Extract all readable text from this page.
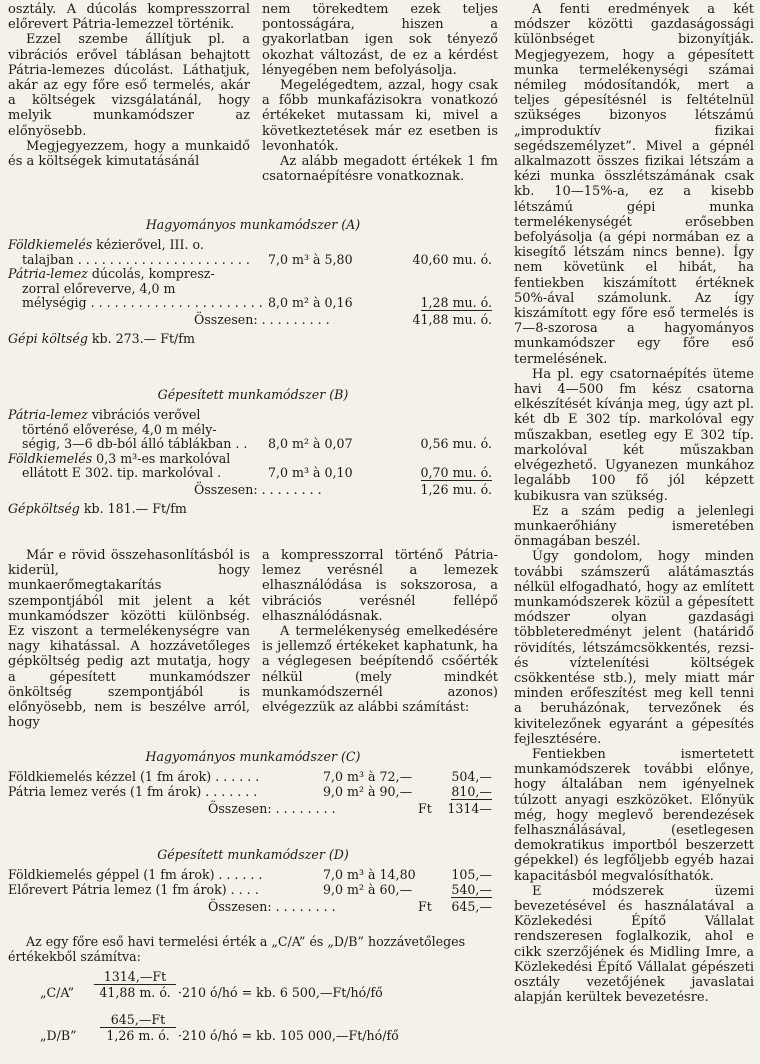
osztály. A dúcolás kompresszorral előrevert Pátria-lemezzel történik.

Ezzel szembe állítjuk pl. a vibrációs erővel táblásan behajtott Pátria-lemezes dúcolást. Láthatjuk, akár az egy főre eső termelés, akár a költségek vizsgálatánál, hogy melyik munkamódszer az előnyösebb.

Megjegyezzem, hogy a munkaidő és a költségek kimutatásánál

nem törekedtem ezek teljes pontosságára, hiszen a gyakorlatban igen sok tényező okozhat változást, de ez a kérdést lényegében nem befolyásolja.

Megelégedtem, azzal, hogy csak a főbb munkafázisokra vonatkozó értékeket mutassam ki, mivel a következtetések már ez esetben is levonhatók.

Az alább megadott értékek 1 fm csatornaépítésre vonatkoznak.

A fenti eredmények a két módszer közötti gazdaságossági különbséget bizonyítják. Megjegyezem, hogy a gépesített munka termelékenységi számai némileg módosítandók, mert a teljes gépesítésnél is feltételnül szükséges bizonyos létszámú „improduktív fizikai segédszemélyzet”. Mivel a gépnél alkalmazott összes fizikai létszám a kézi munka összlétszámának csak kb. 10—15%-a, ez a kisebb létszámú gépi munka termelékenységét erősebben befolyásolja (a gépi normában ez a kisegítő létszám nincs benne). Így nem követünk el hibát, ha fentiekben kiszámított értéknek 50%-ával számolunk. Az így kiszámított egy főre eső termelés is 7—8-szorosa a hagyományos munkamódszer egy főre eső termelésének.

Ha pl. egy csatornaépítés üteme havi 4—500 fm kész csatorna elkészítését kívánja meg, úgy azt pl. két db E 302 típ. markolóval egy műszakban, esetleg egy E 302 típ. markolóval két műszakban elvégezhető. Ugyanezen munkához legalább 100 fő jól képzett kubikusra van szükség.

Ez a szám pedig a jelenlegi munkaerőhiány ismeretében önmagában beszél.

Úgy gondolom, hogy minden további számszerű alátámasztás nélkül elfogadható, hogy az említett munkamódszerek közül a gépesített módszer olyan gazdasági többleteredményt jelent (határidő rövidítés, létszámcsökkentés, rezsi- és víztelenítési költségek csökkentése stb.), mely miatt már minden erőfeszítést meg kell tenni a beruházónak, tervezőnek és kivitelezőnek egyaránt a gépesítés fejlesztésére.

Fentiekben ismertetett munkamódszerek további előnye, hogy általában nem igényelnek túlzott anyagi eszközöket. Előnyük még, hogy meglevő berendezések felhasználásával, (esetlegesen demokratikus importból beszerzett gépekkel) és legfőljebb egyéb hazai kapacitásból megvalósíthatók.

E módszerek üzemi bevezetésével és használatával a Közlekedési Építő Vállalat rendszeresen foglalkozik, ahol e cikk szerzőjének és Midling Imre, a Közlekedési Építő Vállalat gépészeti osztály vezetőjének javaslatai alapján kerültek bevezetésre.

Hagyományos munkamódszer (A)
Földkiemelés kézierővel, III. o.
talajban . . . . . . . . . . . . . . . . . . . . . . 7,0 m³ à 5,80	40,60 mu. ó.
Pátria-lemez dúcolás, kompresz-
zorral előreverve, 4,0 m
mélységig . . . . . . . . . . . . . . . . . . . . . . 8,0 m² à 0,16	1,28 mu. ó.
Összesen: . . . . . . . . .	41,88 mu. ó.
Gépi költség kb. 273.— Ft/fm
Gépesített munkamódszer (B)
Pátria-lemez vibrációs verővel
történő előverése, 4,0 m mély-
ségig, 3—6 db-ból álló táblákban . . 8,0 m² à 0,07	0,56 mu. ó.
Földkiemelés 0,3 m³-es markolóval
ellátott E 302. tip. markolóval .	7,0 m³ à 0,10	0,70 mu. ó.
Összesen: . . . . . . . .	1,26 mu. ó.
Gépköltség kb. 181.— Ft/fm

Már e rövid összehasonlításból is kiderül, hogy munkaerőmegtakarítás szempontjából mit jelent a két munkamódszer közötti különbség. Ez viszont a termelékenységre van nagy kihatással. A hozzávetőleges gépköltség pedig azt mutatja, hogy a gépesített munkamódszer önköltség szempontjából is előnyösebb, nem is beszélve arról, hogy

a kompresszorral történő Pátria-lemez verésnél a lemezek elhasználódása is sokszorosa, a vibrációs verésnél fellépő elhasználódásnak.

A termelékenység emelkedésére is jellemző értékeket kaphatunk, ha a véglegesen beépítendő csőérték nélkül (mely mindkét munkamódszernél azonos) elvégezzük az alábbi számítást:

Hagyományos munkamódszer (C)
Földkiemelés kézzel (1 fm árok) . . . . . .	7,0 m³ à 72,—	504,—
Pátria lemez verés (1 fm árok) . . . . . . .	9,0 m² à 90,—	810,—
Összesen: . . . . . . . .	Ft 1314—
Gépesített munkamódszer (D)
Földkiemelés géppel (1 fm árok) . . . . . .	7,0 m³ à 14,80	105,—
Előrevert Pátria lemez (1 fm árok) . . . .	9,0 m² à 60,—	540,—
Összesen: . . . . . . . .	Ft 645,—
Az egy főre eső havi termelési érték a „C/A” és „D/B” hozzávetőleges értékekből számítva:
„C/A” $\frac{1314,—Ft}{41,88 m. ó.} \cdot 210$ ó/hó = kb. 6 500,—Ft/hó/fő
„D/B” $\frac{645,—Ft}{1,26 m. ó.} \cdot 210$ ó/hó = kb. 105 000,—Ft/hó/fő
